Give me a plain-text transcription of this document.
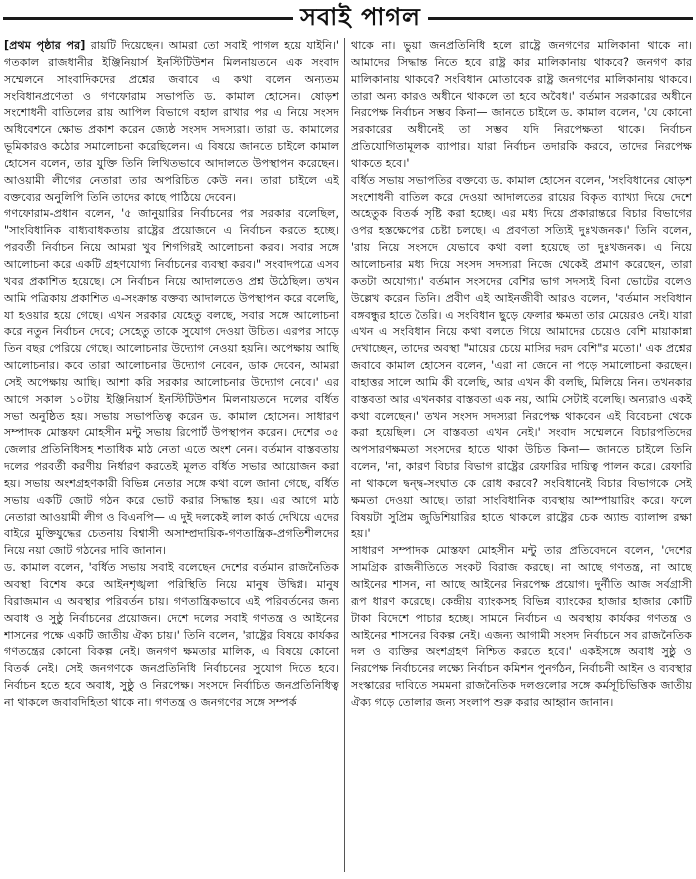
সবাই পাগল

[প্রথম পৃষ্ঠার পর] রায়টি দিয়েছেন। আমরা তো সবাই পাগল হয়ে যাইনি।' গতকাল রাজধানীর ইঞ্জিনিয়ার্স ইনস্টিটিউশন মিলনায়তনে এক সংবাদ সম্মেলনে সাংবাদিকদের প্রশ্নের জবাবে এ কথা বলেন অন্যতম সংবিধানপ্রণেতা ও গণফোরাম সভাপতি ড. কামাল হোসেন। ষোড়শ সংশোধনী বাতিলের রায় আপিল বিভাগে বহাল রাখার পর এ নিয়ে সংসদ অধিবেশনে ক্ষোভ প্রকাশ করেন জ্যেষ্ঠ সংসদ সদস্যরা। তারা ড. কামালের ভূমিকারও কঠোর সমালোচনা করেছিলেন। এ বিষয়ে জানতে চাইলে কামাল হোসেন বলেন, তার যুক্তি তিনি লিখিতভাবে আদালতে উপস্থাপন করেছেন। আওয়ামী লীগের নেতারা তার অপরিচিত কেউ নন। তারা চাইলে এই বক্তব্যের অনুলিপি তিনি তাদের কাছে পাঠিয়ে দেবেন।

গণফোরাম-প্রধান বলেন, '৫ জানুয়ারির নির্বাচনের পর সরকার বলেছিল, "সাংবিধানিক বাধ্যবাধকতায় রাষ্ট্রের প্রয়োজনে এ নির্বাচন করতে হচ্ছে। পরবর্তী নির্বাচন নিয়ে আমরা খুব শিগগিরই আলোচনা করব। সবার সঙ্গে আলোচনা করে একটি গ্রহণযোগ্য নির্বাচনের ব্যবস্থা করব।" সংবাদপত্রে এসব খবর প্রকাশিত হয়েছে। সে নির্বাচন নিয়ে আদালতেও প্রশ্ন উঠেছিল। তখন আমি পত্রিকায় প্রকাশিত এ-সংক্রান্ত বক্তব্য আদালতে উপস্থাপন করে বলেছি, যা হওয়ার হয়ে গেছে। এখন সরকার যেহেতু বলছে, সবার সঙ্গে আলোচনা করে নতুন নির্বাচন দেবে; সেহেতু তাকে সুযোগ দেওয়া উচিত। এরপর সাড়ে তিন বছর পেরিয়ে গেছে। আলোচনার উদ্যোগ নেওয়া হয়নি। অপেক্ষায় আছি আলোচনার। কবে তারা আলোচনার উদ্যোগ নেবেন, ডাক দেবেন, আমরা সেই অপেক্ষায় আছি। আশা করি সরকার আলোচনার উদ্যোগ নেবে।' এর আগে সকাল ১০টায় ইঞ্জিনিয়ার্স ইনস্টিটিউশন মিলনায়তনে দলের বর্ধিত সভা অনুষ্ঠিত হয়। সভায় সভাপতিত্ব করেন ড. কামাল হোসেন। সাধারণ সম্পাদক মোস্তফা মোহসীন মন্টু সভায় রিপোর্ট উপস্থাপন করেন। দেশের ৩৫ জেলার প্রতিনিধিসহ শতাধিক মাঠ নেতা এতে অংশ নেন। বর্তমান বাস্তবতায় দলের পরবর্তী করণীয় নির্ধারণ করতেই মূলত বর্ধিত সভার আয়োজন করা হয়। সভায় অংশগ্রহণকারী বিভিন্ন নেতার সঙ্গে কথা বলে জানা গেছে, বর্ধিত সভায় একটি জোট গঠন করে ভোট করার সিদ্ধান্ত হয়। এর আগে মাঠ নেতারা আওয়ামী লীগ ও বিএনপি— এ দুই দলকেই লাল কার্ড দেখিয়ে এদের বাইরে মুক্তিযুদ্ধের চেতনায় বিশ্বাসী অসাম্প্রদায়িক-গণতান্ত্রিক-প্রগতিশীলদের নিয়ে নয়া জোট গঠনের দাবি জানান।

ড. কামাল বলেন, 'বর্ধিত সভায় সবাই বলেছেন দেশের বর্তমান রাজনৈতিক অবস্থা বিশেষ করে আইনশৃঙ্খলা পরিস্থিতি নিয়ে মানুষ উদ্বিগ্ন। মানুষ বিরাজমান এ অবস্থার পরিবর্তন চায়। গণতান্ত্রিকভাবে এই পরিবর্তনের জন্য অবাধ ও সুষ্ঠু নির্বাচনের প্রয়োজন। দেশে দলের সবাই গণতন্ত্র ও আইনের শাসনের পক্ষে একটি জাতীয় ঐক্য চায়।' তিনি বলেন, 'রাষ্ট্রের বিষয়ে কার্যকর গণতন্ত্রের কোনো বিকল্প নেই। জনগণ ক্ষমতার মালিক, এ বিষয়ে কোনো বিতর্ক নেই। সেই জনগণকে জনপ্রতিনিধি নির্বাচনের সুযোগ দিতে হবে। নির্বাচন হতে হবে অবাধ, সুষ্ঠু ও নিরপেক্ষ। সংসদে নির্বাচিত জনপ্রতিনিধিত্ব না থাকলে জবাবদিহিতা থাকে না। গণতন্ত্র ও জনগণের সঙ্গে সম্পর্ক

থাকে না। ভুয়া জনপ্রতিনিধি হলে রাষ্ট্রে জনগণের মালিকানা থাকে না। আমাদের সিদ্ধান্ত নিতে হবে রাষ্ট্র কার মালিকানায় থাকবে? জনগণ কার মালিকানায় থাকবে? সংবিধান মোতাবেক রাষ্ট্র জনগণের মালিকানায় থাকবে। তারা অন্য কারও অধীনে থাকলে তা হবে অবৈধ।' বর্তমান সরকারের অধীনে নিরপেক্ষ নির্বাচন সম্ভব কিনা— জানতে চাইলে ড. কামাল বলেন, 'যে কোনো সরকারের অধীনেই তা সম্ভব যদি নিরপেক্ষতা থাকে। নির্বাচন প্রতিযোগিতামূলক ব্যাপার। যারা নির্বাচন তদারকি করবে, তাদের নিরপেক্ষ থাকতে হবে।'

বর্ধিত সভায় সভাপতির বক্তব্যে ড. কামাল হোসেন বলেন, 'সংবিধানের ষোড়শ সংশোধনী বাতিল করে দেওয়া আদালতের রায়ের বিকৃত ব্যাখ্যা দিয়ে দেশে অহেতুক বিতর্ক সৃষ্টি করা হচ্ছে। এর মধ্য দিয়ে প্রকারান্তরে বিচার বিভাগের ওপর হস্তক্ষেপের চেষ্টা চলছে। এ প্রবণতা সত্যিই দুঃখজনক।' তিনি বলেন, 'রায় নিয়ে সংসদে যেভাবে কথা বলা হয়েছে তা দুঃখজনক। এ নিয়ে আলোচনার মধ্য দিয়ে সংসদ সদস্যরা নিজে থেকেই প্রমাণ করেছেন, তারা কতটা অযোগ্য।' বর্তমান সংসদের বেশির ভাগ সদস্যই বিনা ভোটের বলেও উল্লেখ করেন তিনি। প্রবীণ এই আইনজীবী আরও বলেন, 'বর্তমান সংবিধান বঙ্গবন্ধুর হাতে তৈরি। এ সংবিধান ছুড়ে ফেলার ক্ষমতা তার মেয়েরও নেই। যারা এখন এ সংবিধান নিয়ে কথা বলতে গিয়ে আমাদের চেয়েও বেশি মায়াকান্না দেখাচ্ছেন, তাদের অবস্থা "মায়ের চেয়ে মাসির দরদ বেশি"র মতো।' এক প্রশ্নের জবাবে কামাল হোসেন বলেন, 'এরা না জেনে না পড়ে সমালোচনা করছেন। বাহাত্তর সালে আমি কী বলেছি, আর এখন কী বলছি, মিলিয়ে নিন। তখনকার বাস্তবতা আর এখনকার বাস্তবতা এক নয়, আমি সেটাই বলেছি। অন্যরাও একই কথা বলেছেন।' তখন সংসদ সদস্যরা নিরপেক্ষ থাকবেন এই বিবেচনা থেকে করা হয়েছিল। সে বাস্তবতা এখন নেই।' সংবাদ সম্মেলনে বিচারপতিদের অপসারণক্ষমতা সংসদের হাতে থাকা উচিত কিনা— জানতে চাইলে তিনি বলেন, 'না, কারণ বিচার বিভাগ রাষ্ট্রের রেফারির দায়িত্ব পালন করে। রেফারি না থাকলে দ্বন্দ্ব-সংঘাত কে রোধ করবে? সংবিধানেই বিচার বিভাগকে সেই ক্ষমতা দেওয়া আছে। তারা সাংবিধানিক ব্যবস্থায় আম্পায়ারিং করে। ফলে বিষয়টা সুপ্রিম জুডিশিয়ারির হাতে থাকলে রাষ্ট্রের চেক অ্যান্ড ব্যালান্স রক্ষা হয়।'

সাধারণ সম্পাদক মোস্তফা মোহসীন মন্টু তার প্রতিবেদনে বলেন, 'দেশের সামগ্রিক রাজনীতিতে সংকট বিরাজ করছে। না আছে গণতন্ত্র, না আছে আইনের শাসন, না আছে আইনের নিরপেক্ষ প্রয়োগ। দুর্নীতি আজ সর্বগ্রাসী রূপ ধারণ করেছে। কেন্দ্রীয় ব্যাংকসহ বিভিন্ন ব্যাংকের হাজার হাজার কোটি টাকা বিদেশে পাচার হচ্ছে। সামনে নির্বাচন এ অবস্থায় কার্যকর গণতন্ত্র ও আইনের শাসনের বিকল্প নেই। এজন্য আগামী সংসদ নির্বাচনে সব রাজনৈতিক দল ও ব্যক্তির অংশগ্রহণ নিশ্চিত করতে হবে।' একইসঙ্গে অবাধ সুষ্ঠু ও নিরপেক্ষ নির্বাচনের লক্ষ্যে নির্বাচন কমিশন পুনর্গঠন, নির্বাচনী আইন ও ব্যবস্থার সংস্কারের দাবিতে সমমনা রাজনৈতিক দলগুলোর সঙ্গে কর্মসূচিভিত্তিক জাতীয় ঐক্য গড়ে তোলার জন্য সংলাপ শুরু করার আহ্বান জানান।
